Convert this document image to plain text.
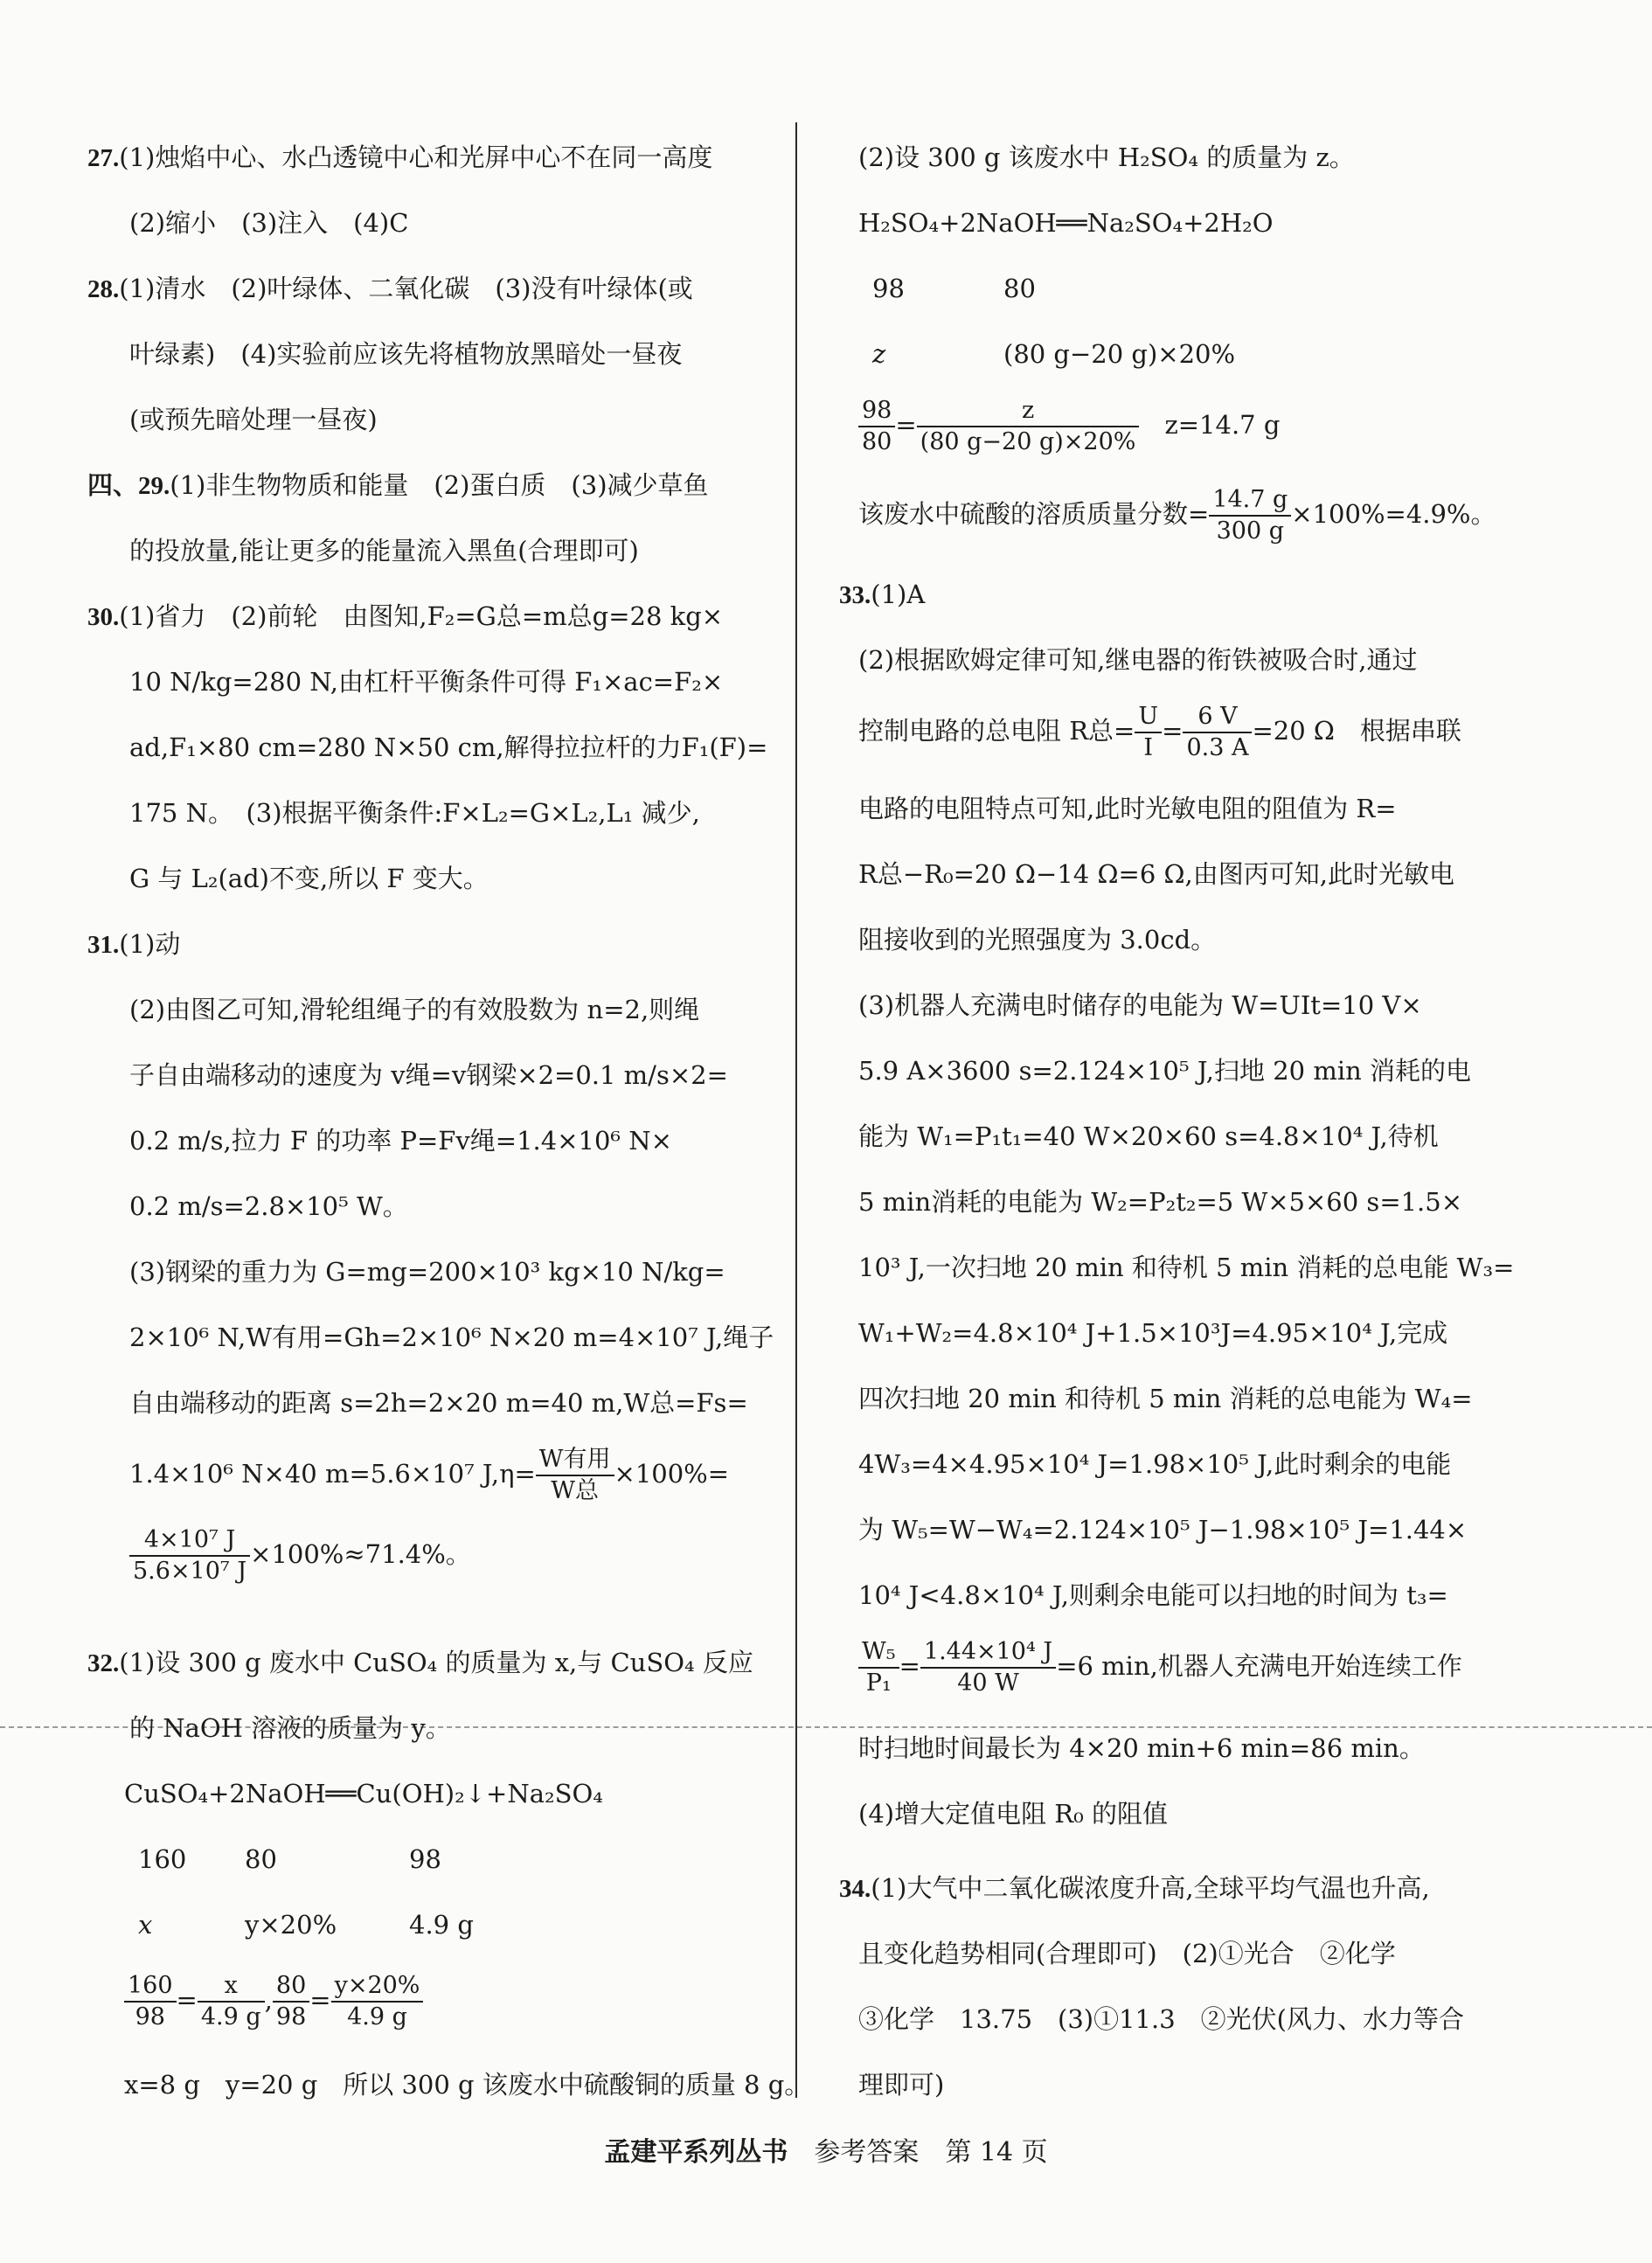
27.(1)烛焰中心、水凸透镜中心和光屏中心不在同一高度
(2)缩小　(3)注入　(4)C
28.(1)清水　(2)叶绿体、二氧化碳　(3)没有叶绿体(或
叶绿素)　(4)实验前应该先将植物放黑暗处一昼夜
(或预先暗处理一昼夜)
四、29.(1)非生物物质和能量　(2)蛋白质　(3)减少草鱼
的投放量,能让更多的能量流入黑鱼(合理即可)
30.(1)省力　(2)前轮　由图知,F₂=G总=m总g=28 kg×
10 N/kg=280 N,由杠杆平衡条件可得 F₁×ac=F₂×
ad,F₁×80 cm=280 N×50 cm,解得拉拉杆的力F₁(F)=
175 N。　(3)根据平衡条件:F×L₂=G×L₂,L₁ 减少,
G 与 L₂(ad)不变,所以 F 变大。
31.(1)动
(2)由图乙可知,滑轮组绳子的有效股数为 n=2,则绳
子自由端移动的速度为 v绳=v钢梁×2=0.1 m/s×2=
0.2 m/s,拉力 F 的功率 P=Fv绳=1.4×10⁶ N×
0.2 m/s=2.8×10⁵ W。
(3)钢梁的重力为 G=mg=200×10³ kg×10 N/kg=
2×10⁶ N,W有用=Gh=2×10⁶ N×20 m=4×10⁷ J,绳子
自由端移动的距离 s=2h=2×20 m=40 m,W总=Fs=
1.4×10⁶ N×40 m=5.6×10⁷ $J,\eta= \frac{\text{W有用}}{\text{W总}} \times 100\%=$
$\frac{\text{4×10⁷ J}}{\text{5.6×10⁷ J}} \times 100\%\approx 71.4\%$。
32.(1)设 300 g 废水中 CuSO₄ 的质量为 x,与 CuSO₄ 反应
的 NaOH 溶液的质量为 y。
CuSO₄+2NaOH══Cu(OH)₂↓+Na₂SO₄
160 80	98
x	y×20%	4.9 g
$\frac{160}{98} = \frac{x}{4.9 g}$ , $\frac{80}{98} = \frac{y\times 20\%}{4.9 g}$
x=8 g　y=20 g　所以 300 g 该废水中硫酸铜的质量 8 g。
(2)设 300 g 该废水中 H₂SO₄ 的质量为 z。
H₂SO₄+2NaOH══Na₂SO₄+2H₂O
98	80
z	(80 g−20 g)×20%
$\frac{98}{80} = \frac{z}{(80 g-20 g)\times 20\%}$
　 z=14.7 g
该废水中硫酸的溶质质量分数= $\frac{14.7 g}{300 g} \times 100\%=4.9\%$。
33.(1)A
(2)根据欧姆定律可知,继电器的衔铁被吸合时,通过
控制电路的总电阻 R总= $\frac{U}{I} = \frac{6 V}{0.3 A} =20$ Ω　根据串联
电路的电阻特点可知,此时光敏电阻的阻值为 R=
R总−R₀=20 Ω−14 Ω=6 Ω,由图丙可知,此时光敏电
阻接收到的光照强度为 3.0cd。
(3)机器人充满电时储存的电能为 W=UIt=10 V×
5.9 A×3600 s=2.124×10⁵ J,扫地 20 min 消耗的电
能为 W₁=P₁t₁=40 W×20×60 s=4.8×10⁴ J,待机
5 min消耗的电能为 W₂=P₂t₂=5 W×5×60 s=1.5×
10³ J,一次扫地 20 min 和待机 5 min 消耗的总电能 W₃=
W₁+W₂=4.8×10⁴ J+1.5×10³J=4.95×10⁴ J,完成
四次扫地 20 min 和待机 5 min 消耗的总电能为 W₄=
4W₃=4×4.95×10⁴ J=1.98×10⁵ J,此时剩余的电能
为 W₅=W−W₄=2.124×10⁵ J−1.98×10⁵ J=1.44×
10⁴ J<4.8×10⁴ J,则剩余电能可以扫地的时间为 t₃=
$\frac{\text{W₅}}{\text{P₁}} = \frac{\text{1.44×10⁴ J}}{40 W} =6$ min,机器人充满电开始连续工作
时扫地时间最长为 4×20 min+6 min=86 min。
(4)增大定值电阻 R₀ 的阻值
34.(1)大气中二氧化碳浓度升高,全球平均气温也升高,
且变化趋势相同(合理即可)　(2)①光合　②化学
③化学　13.75　(3)①11.3　②光伏(风力、水力等合
理即可)
孟建平系列丛书　 参考答案　 第 14 页
